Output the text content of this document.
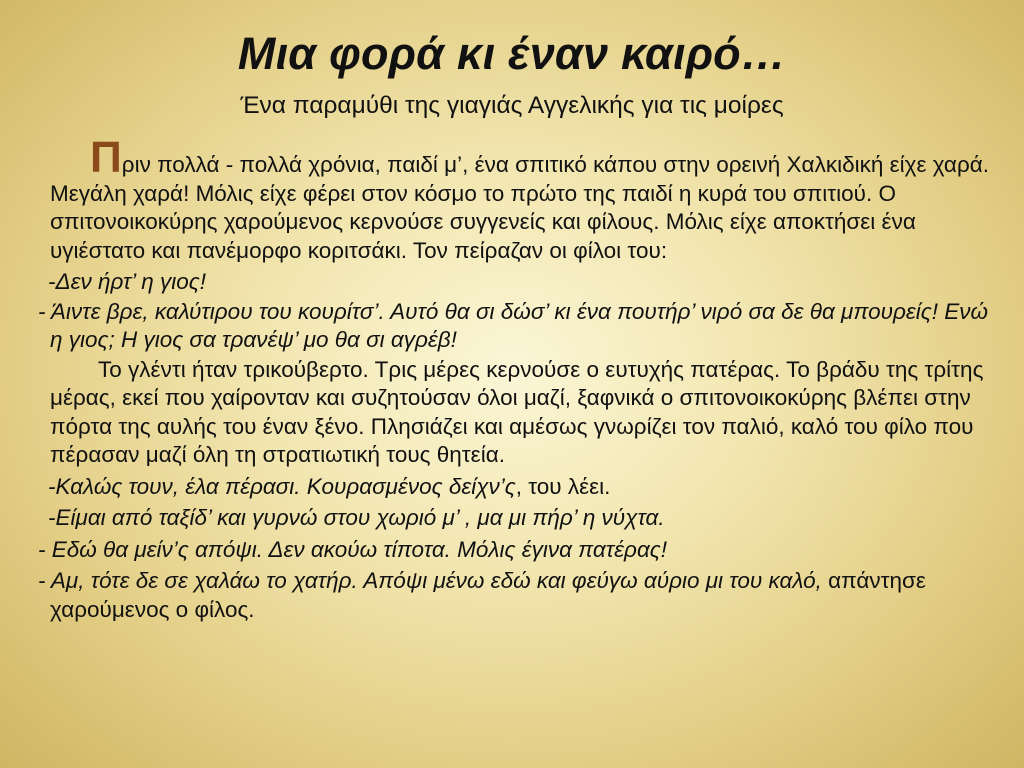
Μια φορά κι έναν καιρό…

Ένα παραμύθι της γιαγιάς Αγγελικής για τις μοίρες

Πριν πολλά - πολλά χρόνια, παιδί μ’, ένα σπιτικό κάπου στην ορεινή Χαλκιδική είχε χαρά. Μεγάλη χαρά! Μόλις είχε φέρει στον κόσμο το πρώτο της παιδί η κυρά του σπιτιού. Ο σπιτονοικοκύρης χαρούμενος κερνούσε συγγενείς και φίλους. Μόλις είχε αποκτήσει ένα υγιέστατο και πανέμορφο κοριτσάκι. Τον πείραζαν οι φίλοι του:

-Δεν ήρτ’ η γιος!

- Άιντε βρε, καλύτιρου του κουρίτσ’. Αυτό θα σι δώσ’ κι ένα πουτήρ’ νιρό σα δε θα μπουρείς! Ενώ η γιος; Η γιος σα τρανέψ’ μο θα σι αγρέβ!

Το γλέντι ήταν τρικούβερτο. Τρις μέρες κερνούσε ο ευτυχής πατέρας. Το βράδυ της τρίτης μέρας, εκεί που χαίρονταν και συζητούσαν όλοι μαζί, ξαφνικά ο σπιτονοικοκύρης βλέπει στην πόρτα της αυλής του έναν ξένο. Πλησιάζει και αμέσως γνωρίζει τον παλιό, καλό του φίλο που πέρασαν μαζί όλη τη στρατιωτική τους θητεία.

-Καλώς τουν, έλα πέρασι. Κουρασμένος δείχν’ς, του λέει.

-Είμαι από ταξίδ’ και γυρνώ στου χωριό μ’ , μα μι πήρ’ η νύχτα.

- Εδώ θα μείν’ς απόψι. Δεν ακούω τίποτα. Μόλις έγινα πατέρας!

- Αμ, τότε δε σε χαλάω το χατήρ. Απόψι μένω εδώ και φεύγω αύριο μι του καλό, απάντησε χαρούμενος ο φίλος.
